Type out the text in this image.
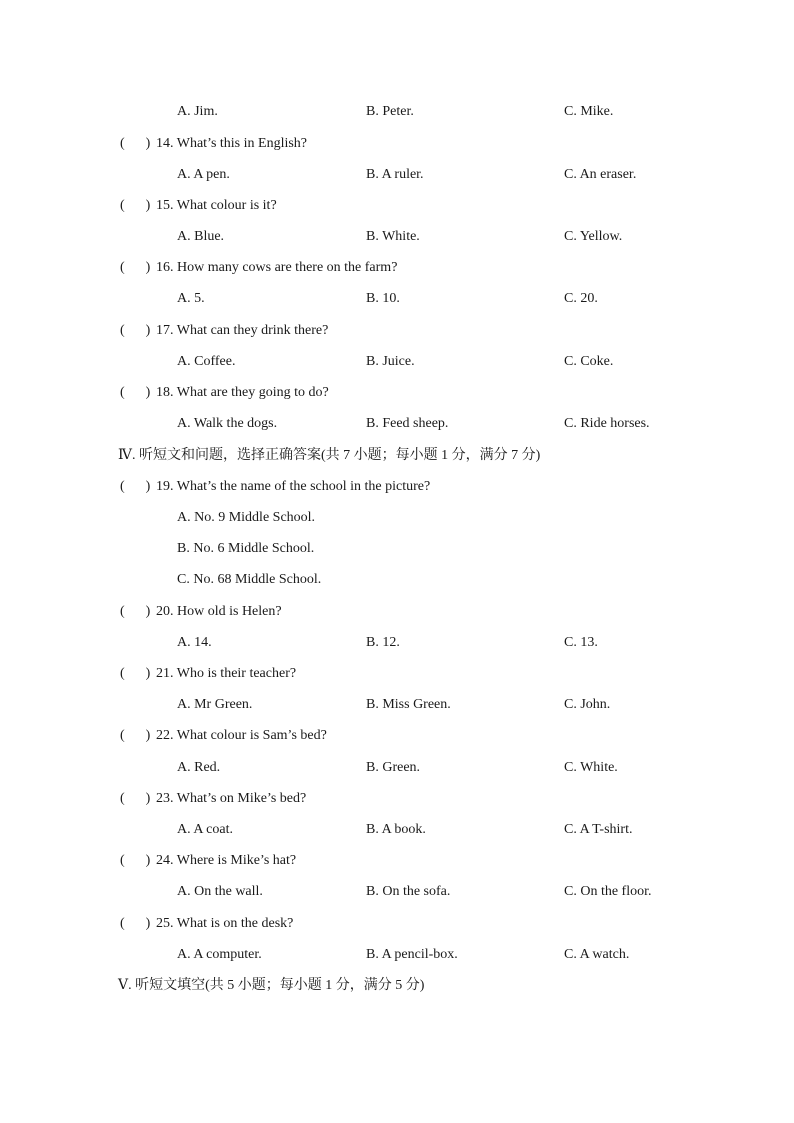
A. Jim.	B. Peter.	C. Mike.
( ) 14. What’s this in English?
A. A pen.	B. A ruler.	C. An eraser.
( ) 15. What colour is it?
A. Blue.	B. White.	C. Yellow.
( ) 16. How many cows are there on the farm?
A. 5.	B. 10.	C. 20.
( ) 17. What can they drink there?
A. Coffee.	B. Juice.	C. Coke.
( ) 18. What are they going to do?
A. Walk the dogs.	B. Feed sheep.	C. Ride horses.
Ⅳ. 听短文和问题，选择正确答案(共 7 小题；每小题 1 分，满分 7 分)
( ) 19. What’s the name of the school in the picture?
A. No. 9 Middle School.
B. No. 6 Middle School.
C. No. 68 Middle School.
( ) 20. How old is Helen?
A. 14.	B. 12.	C. 13.
( ) 21. Who is their teacher?
A. Mr Green.	B. Miss Green.	C. John.
( ) 22. What colour is Sam’s bed?
A. Red.	B. Green.	C. White.
( ) 23. What’s on Mike’s bed?
A. A coat.	B. A book.	C. A T-shirt.
( ) 24. Where is Mike’s hat?
A. On the wall.	B. On the sofa.	C. On the floor.
( ) 25. What is on the desk?
A. A computer.	B. A pencil-box.	C. A watch.
Ⅴ. 听短文填空(共 5 小题；每小题 1 分，满分 5 分)
